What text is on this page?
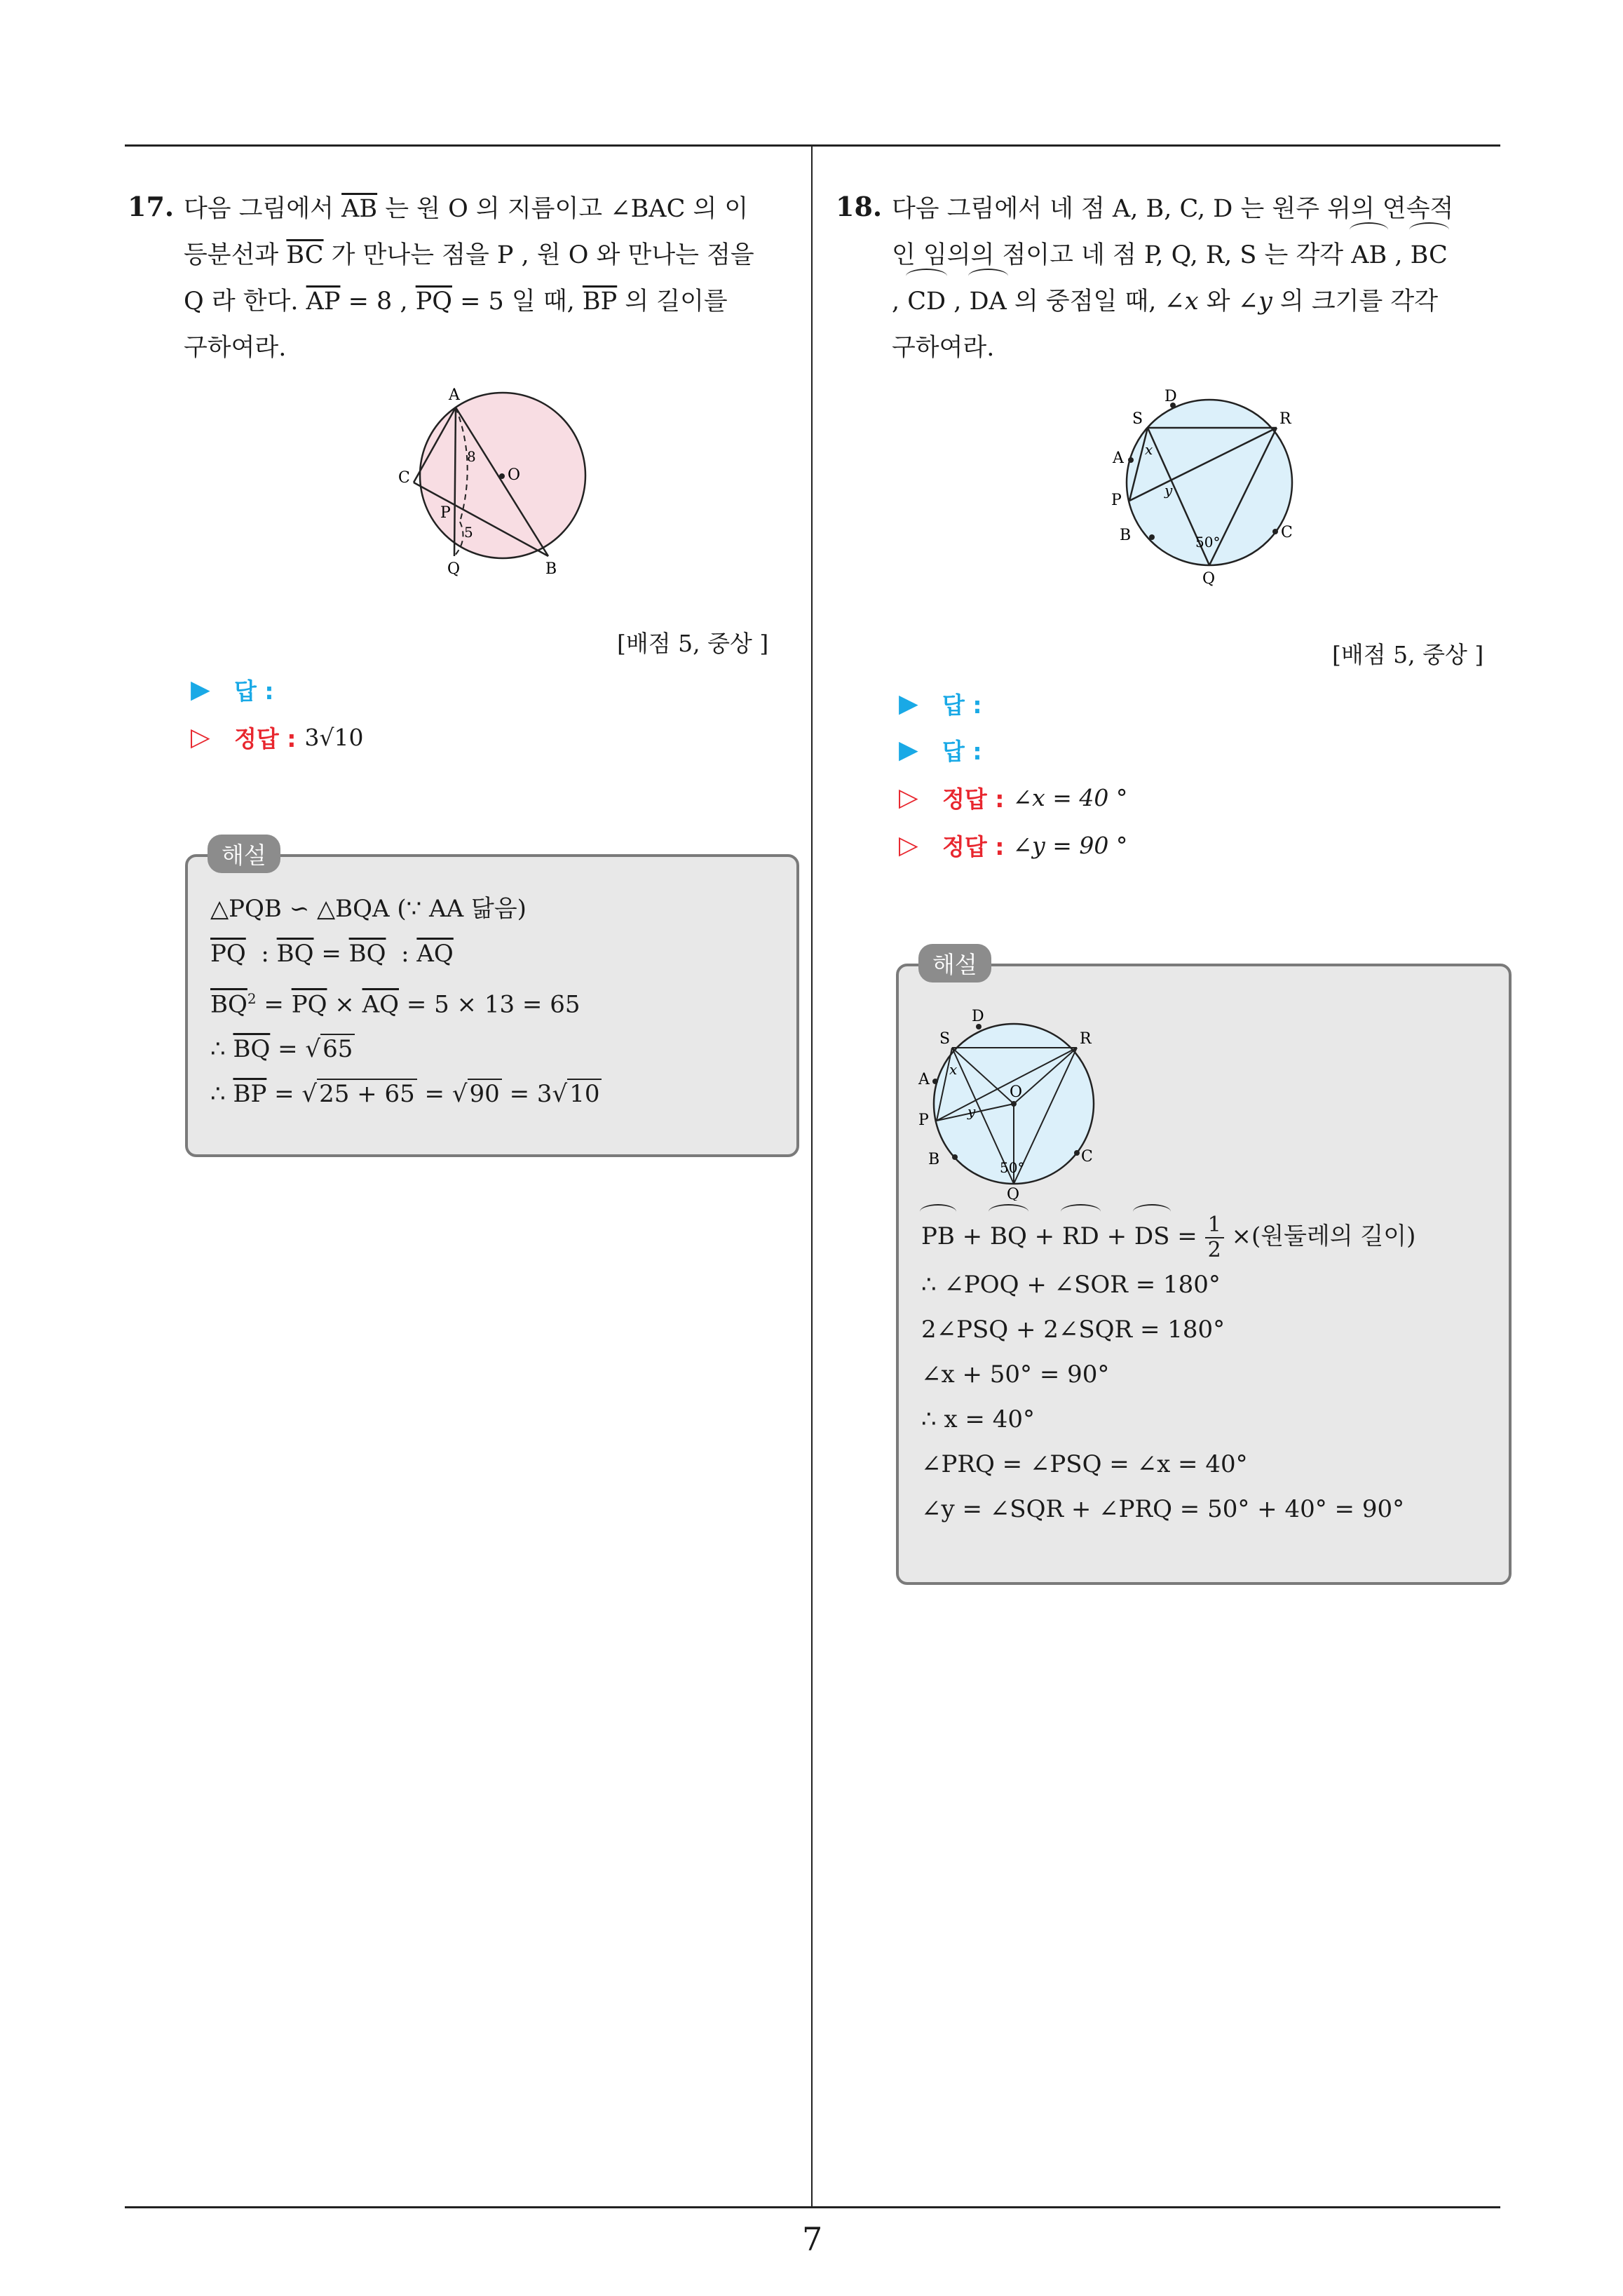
17. 다음 그림에서 $\overline{AB}$ 는 원 O 의 지름이고 ∠BAC 의 이
등분선과 $\overline{BC}$ 가 만나는 점을 P , 원 O 와 만나는 점을
Q 라 한다. $\overline{AP} = 8$ , $\overline{PQ} = 5$ 일 때, $\overline{BP}$ 의 길이를
구하여라.
A
C	O
P
Q	B
8
5
[배점 5, 중상 ]
▶	답 :
▷	정답 : 3√10
해설
△PQB ∽ △BQA (∵ AA 닮음)
$\overline{PQ}$  : $\overline{BQ} = \overline{BQ}$  : $\overline{AQ}$
$\overline{BQ}^2 = \overline{PQ} \times \overline{AQ} = 5 \times 13 = 65$
∴ $\overline{BQ} = √65$
∴ $\overline{BP} = √25 + 65 = √90 = 3√10$
18. 다음 그림에서 네 점 A, B, C, D 는 원주 위의 연속적
인 임의의 점이고 네 점 P, Q, R, S 는 각각 AB , BC
, CD , DA 의 중점일 때, ∠x 와 ∠y 의 크기를 각각
구하여라.
D
S	R
A
P
B	C
Q
x
y
50°
[배점 5, 중상 ]
▶	답 :
▶	답 :
▷	정답 : ∠x = 40 °
▷	정답 : ∠y = 90 °
해설
D
S	R
A
O
P
B	C
Q
x
y
50°
PB + BQ + RD + DS = $\frac{1}{2}$ ×(원둘레의 길이)
∴ ∠POQ + ∠SOR = 180°
2∠PSQ + 2∠SQR = 180°
∠x + 50° = 90°
∴ x = 40°
∠PRQ = ∠PSQ = ∠x = 40°
∠y = ∠SQR + ∠PRQ = 50° + 40° = 90°
7
